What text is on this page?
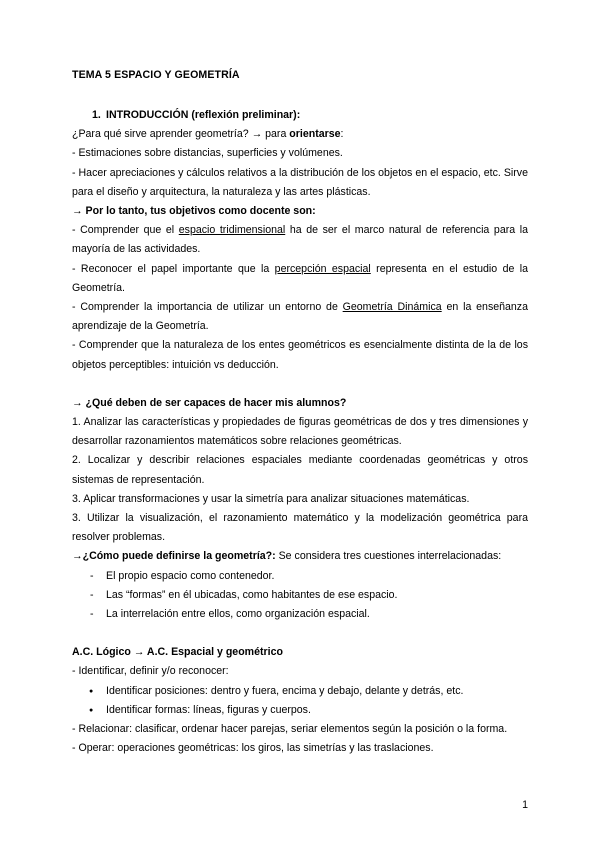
TEMA 5 ESPACIO Y GEOMETRÍA

1. INTRODUCCIÓN (reflexión preliminar):

¿Para qué sirve aprender geometría? → para orientarse:

- Estimaciones sobre distancias, superficies y volúmenes.

- Hacer apreciaciones y cálculos relativos a la distribución de los objetos en el espacio, etc. Sirve para el diseño y arquitectura, la naturaleza y las artes plásticas.

→ Por lo tanto, tus objetivos como docente son:

- Comprender que el espacio tridimensional ha de ser el marco natural de referencia para la mayoría de las actividades.

- Reconocer el papel importante que la percepción espacial representa en el estudio de la Geometría.

- Comprender la importancia de utilizar un entorno de Geometría Dinámica en la enseñanza aprendizaje de la Geometría.

- Comprender que la naturaleza de los entes geométricos es esencialmente distinta de la de los objetos perceptibles: intuición vs deducción.

→ ¿Qué deben de ser capaces de hacer mis alumnos?

1. Analizar las características y propiedades de figuras geométricas de dos y tres dimensiones y desarrollar razonamientos matemáticos sobre relaciones geométricas.

2. Localizar y describir relaciones espaciales mediante coordenadas geométricas y otros sistemas de representación.

3. Aplicar transformaciones y usar la simetría para analizar situaciones matemáticas.

3. Utilizar la visualización, el razonamiento matemático y la modelización geométrica para resolver problemas.

→¿Cómo puede definirse la geometría?: Se considera tres cuestiones interrelacionadas:

- El propio espacio como contenedor.
- Las “formas” en él ubicadas, como habitantes de ese espacio.
- La interrelación entre ellos, como organización espacial.

A.C. Lógico → A.C. Espacial y geométrico

- Identificar, definir y/o reconocer:

● Identificar posiciones: dentro y fuera, encima y debajo, delante y detrás, etc.
● Identificar formas: líneas, figuras y cuerpos.

- Relacionar: clasificar, ordenar hacer parejas, seriar elementos según la posición o la forma.

- Operar: operaciones geométricas: los giros, las simetrías y las traslaciones.

1
